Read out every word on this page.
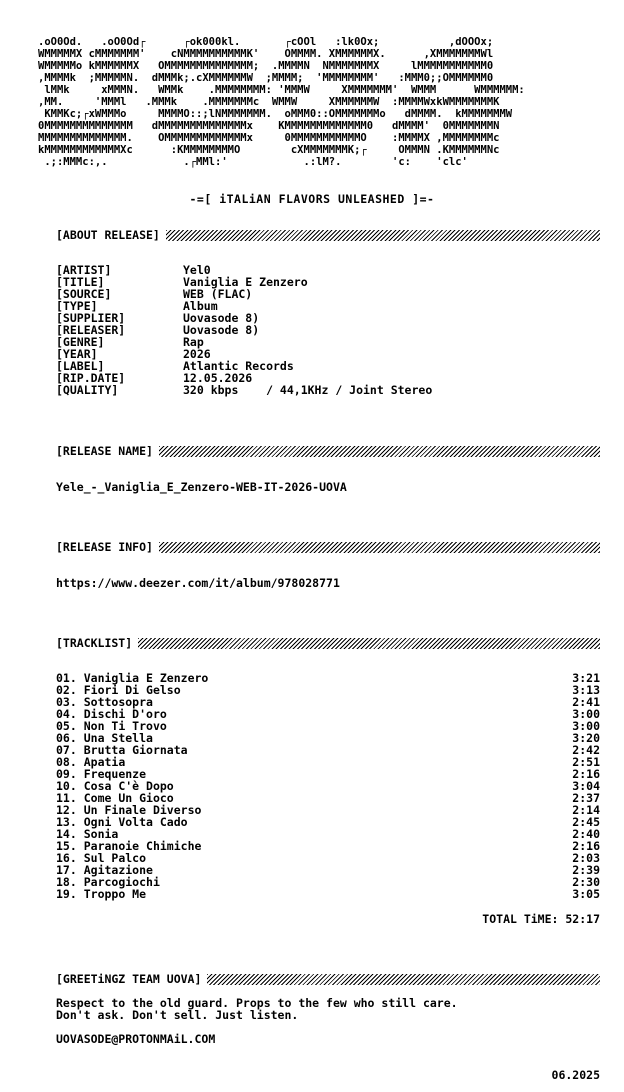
.oO0Od.   .oO0Od┌      ┌ok000kl.       ┌cOOl   :lk0Ox;           ,dOOOx;
WMMMMMX cMMMMMMM'    cNMMMMMMMMMMK'    OMMMM. XMMMMMMX.      ,XMMMMMMMWl
WMMMMMo kMMMMMMX   OMMMMMMMMMMMMMM;  .MMMMN  NMMMMMMMX     lMMMMMMMMMMM0
,MMMMk  ;MMMMMN.  dMMMk;.cXMMMMMMW  ;MMMM;  'MMMMMMMM'   :MMM0;;OMMMMMM0
lMMk     xMMMN.   WMMk    .MMMMMMMM: 'MMMW     XMMMMMMM'  WMMM      WMMMMMM:
,MM.     'MMMl   .MMMk    .MMMMMMMc  WMMW     XMMMMMMW  :MMMMWxkWMMMMMMMK
KMMKc;┌xWMMMo     MMMMO::;lNMMMMMMM.  oMMM0::OMMMMMMMo   dMMMM.  kMMMMMMMW
0MMMMMMMMMMMMMM   dMMMMMMMMMMMMMMx    KMMMMMMMMMMMMM0   dMMMM'  0MMMMMMMN
MMMMMMMMMMMMMM.    OMMMMMMMMMMMMMx     0MMMMMMMMMMMO    :MMMMX ,MMMMMMMMc
kMMMMMMMMMMMMXc      :KMMMMMMMMO        cXMMMMMMMK;┌     OMMMN .KMMMMMMNc
.;:MMMc:,.            .┌MMl:'            .:lM?.        'c:    'clc'
-=[ iTALiAN FLAVORS UNLEASHED ]=-
[ABOUT RELEASE]
[ARTIST]	Yel0
[TITLE]	Vaniglia E Zenzero
[SOURCE]	WEB (FLAC)
[TYPE]	Album
[SUPPLIER]	Uovasode 8)
[RELEASER]	Uovasode 8)
[GENRE]	Rap
[YEAR]	2026
[LABEL]	Atlantic Records
[RIP.DATE]	12.05.2026
[QUALITY]	320 kbps    / 44,1KHz / Joint Stereo
[RELEASE NAME]
Yele_-_Vaniglia_E_Zenzero-WEB-IT-2026-UOVA
[RELEASE INFO]
https://www.deezer.com/it/album/978028771
[TRACKLIST]
01. Vaniglia E Zenzero	3:21
02. Fiori Di Gelso	3:13
03. Sottosopra	2:41
04. Dischi D'oro	3:00
05. Non Ti Trovo	3:00
06. Una Stella	3:20
07. Brutta Giornata	2:42
08. Apatia	2:51
09. Frequenze	2:16
10. Cosa C'è Dopo	3:04
11. Come Un Gioco	2:37
12. Un Finale Diverso	2:14
13. Ogni Volta Cado	2:45
14. Sonia	2:40
15. Paranoie Chimiche	2:16
16. Sul Palco	2:03
17. Agitazione	2:39
18. Parcogiochi	2:30
19. Troppo Me	3:05
TOTAL TiME: 52:17
[GREETiNGZ TEAM UOVA]
Respect to the old guard. Props to the few who still care.
Don't ask. Don't sell. Just listen.
UOVASODE@PROTONMAiL.COM
06.2025
